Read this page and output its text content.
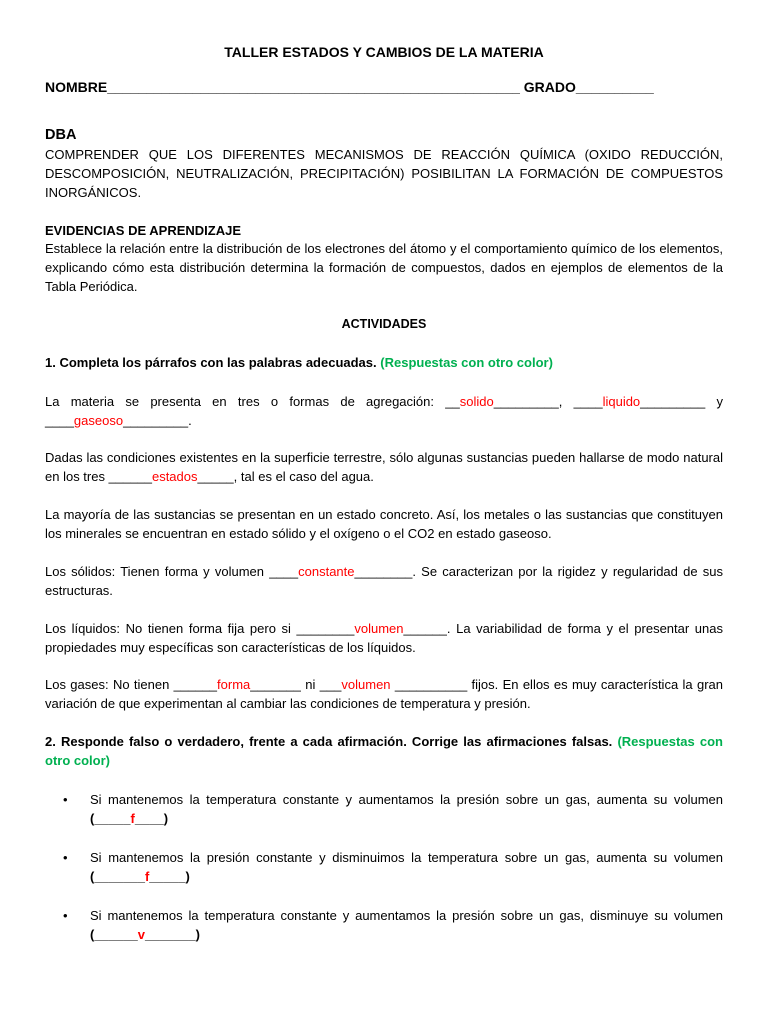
TALLER ESTADOS Y CAMBIOS DE LA MATERIA
NOMBRE_____________________________________________________ GRADO__________
DBA
COMPRENDER QUE LOS DIFERENTES MECANISMOS DE REACCIÓN QUÍMICA (OXIDO REDUCCIÓN, DESCOMPOSICIÓN, NEUTRALIZACIÓN, PRECIPITACIÓN) POSIBILITAN LA FORMACIÓN DE COMPUESTOS INORGÁNICOS.
EVIDENCIAS DE APRENDIZAJE
Establece la relación entre la distribución de los electrones del átomo y el comportamiento químico de los elementos, explicando cómo esta distribución determina la formación de compuestos, dados en ejemplos de elementos de la Tabla Periódica.
ACTIVIDADES
1. Completa los párrafos con las palabras adecuadas. (Respuestas con otro color)
La materia se presenta en tres o formas de agregación: __solido_________, ____liquido_________ y ____gaseoso_________.
Dadas las condiciones existentes en la superficie terrestre, sólo algunas sustancias pueden hallarse de modo natural en los tres ______estados_____, tal es el caso del agua.
La mayoría de las sustancias se presentan en un estado concreto. Así, los metales o las sustancias que constituyen los minerales se encuentran en estado sólido y el oxígeno o el CO2 en estado gaseoso.
Los sólidos: Tienen forma y volumen ____constante________. Se caracterizan por la rigidez y regularidad de sus estructuras.
Los líquidos: No tienen forma fija pero si ________volumen______. La variabilidad de forma y el presentar unas propiedades muy específicas son características de los líquidos.
Los gases: No tienen ______forma_______ ni ___volumen __________ fijos. En ellos es muy característica la gran variación de que experimentan al cambiar las condiciones de temperatura y presión.
2. Responde falso o verdadero, frente a cada afirmación. Corrige las afirmaciones falsas. (Respuestas con otro color)
• Si mantenemos la temperatura constante y aumentamos la presión sobre un gas, aumenta su volumen (_____f____)
• Si mantenemos la presión constante y disminuimos la temperatura sobre un gas, aumenta su volumen (_______f_____)
• Si mantenemos la temperatura constante y aumentamos la presión sobre un gas, disminuye su volumen (______v_______)
